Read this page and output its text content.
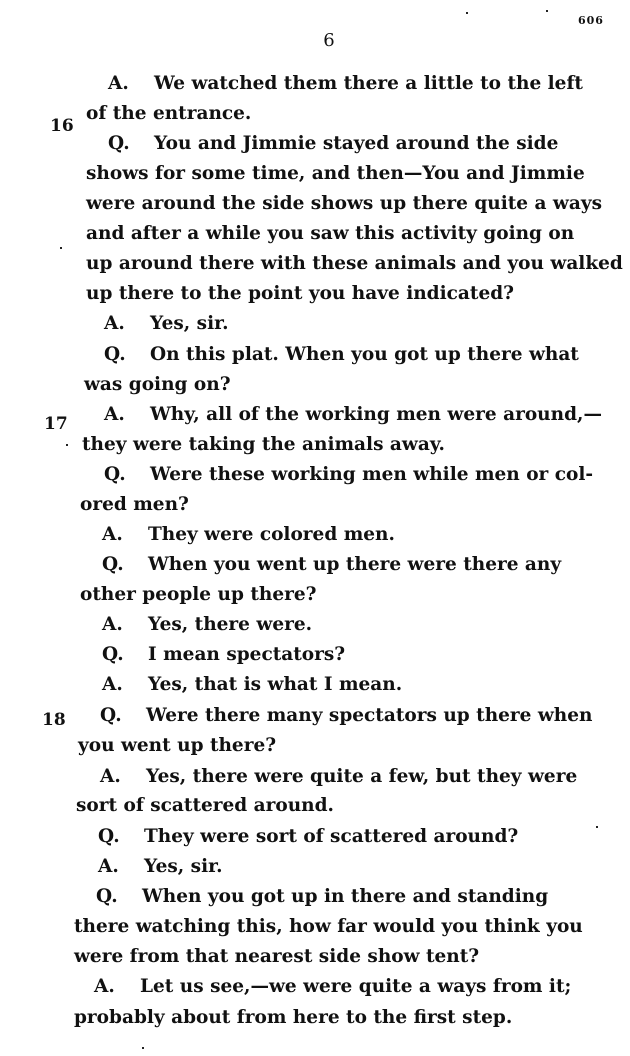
606
6
16
17
18
A. We watched them there a little to the left
of the entrance.
Q. You and Jimmie stayed around the side
shows for some time, and then—You and Jimmie
were around the side shows up there quite a ways
and after a while you saw this activity going on
up around there with these animals and you walked
up there to the point you have indicated?
A. Yes, sir.
Q. On this plat. When you got up there what
was going on?
A. Why, all of the working men were around,—
they were taking the animals away.
Q. Were these working men while men or col-
ored men?
A. They were colored men.
Q. When you went up there were there any
other people up there?
A. Yes, there were.
Q. I mean spectators?
A. Yes, that is what I mean.
Q. Were there many spectators up there when
you went up there?
A. Yes, there were quite a few, but they were
sort of scattered around.
Q. They were sort of scattered around?
A. Yes, sir.
Q. When you got up in there and standing
there watching this, how far would you think you
were from that nearest side show tent?
A. Let us see,—we were quite a ways from it;
probably about from here to the first step.
